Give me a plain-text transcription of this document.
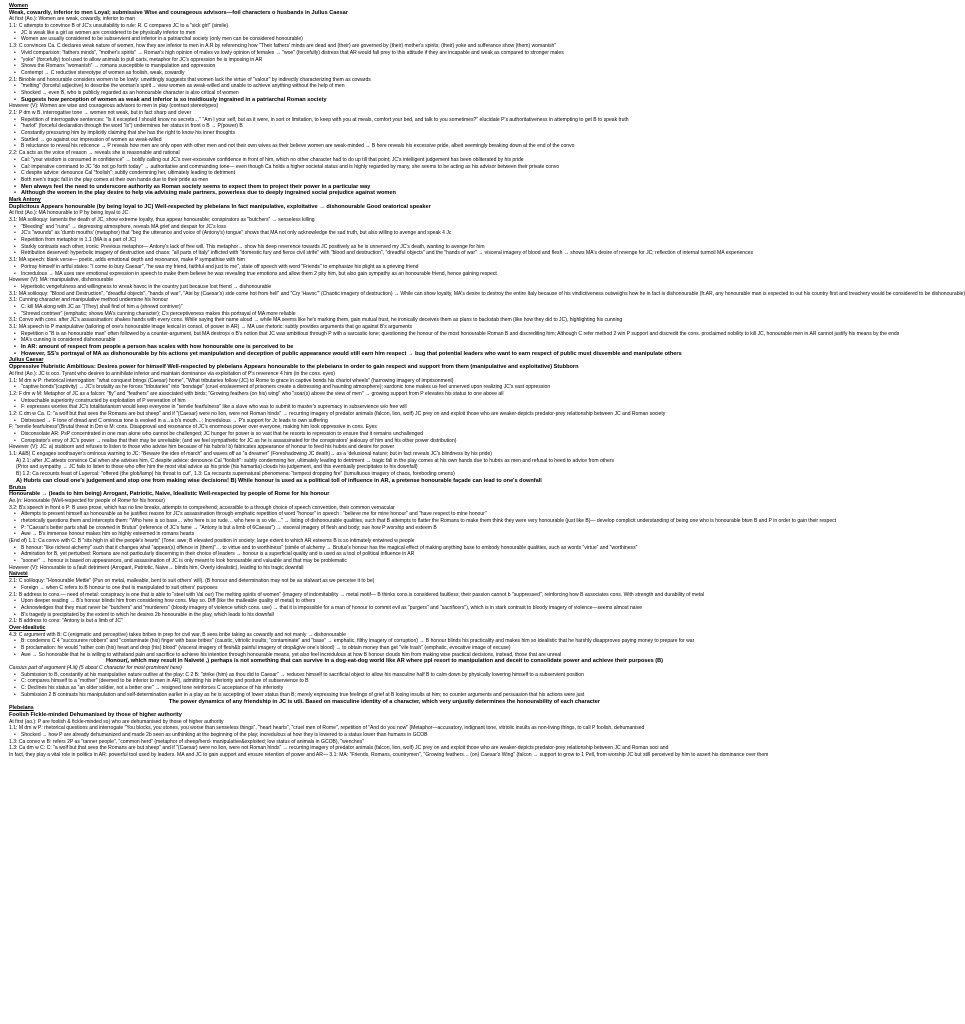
Women
Weak, cowardly, inferior to men Loyal; submissive Wise and courageous advisors—foil characters o husbands in Julius Caesar
At first (Ao.): Women are weak, cowardly, inferior to man
1.1: C attempts to convince B of JC's unsuitability to rule: R. C compares JC to a "sick girl" (simile)
• JC is weak like a girl as women are considered to be physically inferior to men
• Women are usually considered to be subservient and inferior in a patriarchal society (only men can be considered honourable)
1.3: C convinces Ca. C declares weak nature of women, how they are inferior to men in A.R by referencing how "Their fathers' minds are dead and (their) are governed by (their) mother's spirits; (their) yoke and sufferance show (them) womanish"
• Vivid comparison: "fathers minds", "mother's spirits" → Roman's high opinion of males vs lowly opinion of females → "woe" (forcefully) distress that AR would fall prey to this attitude if they are incapable and weak as compared to stronger males
• "yoke" (forcefully) tool used to allow animals to pull carts, metaphor for JC's oppression he is imposing in AR
• Shows the Romans "womanish" → romans susceptible to manipulation and oppression
• Contempt → C reductive stereotype of women as foolish, weak, cowardly
2.1: Binoble and honourable considers women to be lowly: unwittingly suggests that women lack the virtue of "valour" by indirectly characterizing them as cowards
• "melting" (forceful adjective) to describe the woman's spirit→ view women as weak-willed and unable to achieve anything without the help of men
• Shocked → even B, who is publicly regarded as an honourable character is also critical of women
• Suggests how perception of women as weak and inferior is so insidiously ingrained in a patriarchal Roman society
However (V): Women are wise and courageous advisors to men in play (contrast stereotypes)
2.1: P dm w B. interrogative tone → women not weak, but in fact sharp and clever
• Repetition of interrogative sentences: "Is it excepted I should know no secrets…" "Am I your self, but as it were, in sort or limitation, to keep with you at meals, comfort your bed, and talk to you sometimes?" elucidate P's authoritativeness in attempting to get B to speak truth
• "harlot" (forceful declaration through the word "is") undermines her status in front o B → P(power) B
• Constantly pressuring him by implicitly claiming that she has the right to know his inner thoughts
• Startled → go against our impression of women as weak-willed
• B reluctance to reveal his reticence → P reveals how men are only open with other men and not their own wives as their believe women are weak-minded → B here reveals his excessive pride, albeit seemingly breaking down at the end of the convo
2.2: Ca acts as the voice of reason → reveals she is reasonable and rational
• Cal: "your wisdom is consumed in confidence" → boldly calling out JC's over-excessive confidence in front of him, which no other character had to do up till that point; JC's intelligent judgement has been obliterated by his pride
• Cal: imperative command to JC "do not go forth today" → authoritative and commanding tone— even though Ca holds a higher societal status and is highly regarded by many, she seems to be acting as his advisor between their private convo
• C despite advice: denounce Cal "foolish": subtly condemning her, ultimately leading to detriment
• Both men's tragic fall in the play comes at their own hands due to their pride as men
• Men always feel the need to underscore authority as Roman society seems to expect them to project their power in a particular way
• Although the women in the play desire to help via advising male partners, powerless due to deeply ingrained social prejudice against women
Mark Antony
Duplicitous Appears honourable (by being loyal to JC) Well-respected by plebeians In fact manipulative, exploitative → dishonourable Good oratorical speaker
At first (Ao.): MA honourable to P by being loyal to JC
3.1: MA soliloquy: laments the death of JC, show extreme loyalty, thus appear honourable; conspirators as "butchers" → senseless killing
• "Bleeding" and "ruins" → depressing atmosphere, reveals MA grief and despair for JC's loss
• JC's "wounds" as 'dumb mouths' (metaphor) that "beg the utterance and voice of (Antony's) tongue" shows that MA not only acknowledge the sad truth, but also willing to avenge and speak 4 Jc
• Repetition from metaphor in 1.1 (MA is a part of JC)
• Starkly contrasts each other, ironic: Previous metaphor— Antony's lack of free will. This metaphor→ show his deep reverence towards JC positively as he is unnerved my JC's death, wanting to avenge for him
• Retribution deserved: hyperbolic imagery of destruction and chaos: "all parts of Italy" inflicted with "domestic fury and fierce civil strife" with "blood and destruction", "dreadful objects" and the "hands of war" → visceral imagery of blood and flesh → shows MA's desire of revenge for JC; reflection of internal turmoil MA experiences
3.1: MA speech: blank verse— poetic, adds emotional depth and resonance, make P sympathise with him
• Portray himself in artful states: "I come to bury Caesar", "he was my friend, faithful and just to me", state off speech with word "Friends" to emphasize his plight as a grieving friend
• Incredulous → MA uses rare emotional expression in speech to make them believe he was revealing true emotions and allow them 2 pity him, but also gain sympathy as an honourable friend, hence gaining respect
However (V): MA: manipulative, dishonourable
• Hyperbolic vengefulness and willingness to wreak havoc in the country just because lost friend → dishonourable
3.1: MA soliloquy: "Blood and Destruction", "dreadful objects", "hands of war", "Ate by (Caesar's) side come hot from hell" and "Cry 'Havoc'" (Chaotic imagery of destruction) → While can show loyalty, MA's desire to destroy the entire Italy because of his vindictiveness outweighs how he in fact is dishonourable (fr.AR, any honourable man is expected to out his country first and treachery would be considered to be dishonourable)
3.1: Cunning character and manipulative method undermine his honour
• C: kill MA along with JC as "(They) shall find of him a (shrewd contriver)"
• "Shrewd contriver" (emphatic; shows MA's cunning character); C's perceptiveness makes this portrayal of MA more reliable
3.1: Convo with cons. after JC's assassination: shakes hands with every cons. While saying their name aloud → while MA seems like he's marking them, gain mutual trust, he ironically deceives them as plans to backstab them (like how they did to JC), highlighting his cunning
3.1: MA speech to P manipulative (tailoring of one's honourable image lexical in consol. of power in AR) → MA use rhetoric: subtly provides arguments that go against B's arguments
• Repetition o "B is an honourable man" often followed by a counter-argument, but MA destroys o B's notion that JC was ambitious through P with a sarcastic tone; questioning the honour of the most honourable Roman B and discrediting him; Although C refer method 2 win P support and discredit the cons. proclaimed nobility to kill JC, honourable men in AR cannot justify his means by the ends
• MA's cunning is considered dishonourable
• In AR: amount of respect from people a person has scales with how honourable one is perceived to be
• However, SS's portrayal of MA as dishonourable by his actions yet manipulation and deception of public appearance would still earn him respect → bug that potential leaders who want to earn respect of public must dissemble and manipulate others
Julius Caesar
Oppressive Hubristic Ambitious: Desires power for himself Well-respected by plebeians Appears honourable to the plebeians in order to gain respect and support from them (manipulative and exploitative) Stubborn
At first (Ao.): JC is oco. Tyrant who desires to annihilate inferior and maintain dominance via exploitation of P's reverence 4 him (in the cons. eyes)
1.1: M dm w P: rhetorical interrogation: "what conquest brings (Caesar) home", "What tributaries follow (JC) to Rome to grace in captive bonds his chariot wheels" (harrowing imagery of imprisonment)
• "captive bonds"(captivity) → JC's brutality as he forces "tributaries" into "bondage" (cruel enslavement of prisoners create a distressing and haunting atmosphere); sardonic tone makes us feel unnerved upon realizing JC's vast oppression
1.2: F dm w M: Metaphor of JC as a falcon: "fly" and "feathers" are associated with birds; "Growing feathers (on his) wing" who "soar(s) above the view of men" → growing support from P elevates his status to one above all
• Untouchable superiority constructed by exploitation of P veneration of him
• F: expresses worries that JC's totalitarianism would keep everyone in "servile fearfulness" like a slave who was to submit to master's supremacy in subservience w/o free will
1.2: C dm w Ca. C: "a wolf but that sees the Romans are but sheep" and if "(Caesar) were no lion, were not Roman hinds" → recurring imagery of predator animals (falcon, lion, wolf) JC prey on and exploit those who are weaker-depicts predator-prey relationship between JC and Roman society
• Distressed → F tone of dread and C ominous tone is evoked in a→a b's mouth…; Incredulous → P's support for Jc leads to own suffering
F: "servile fearfulness"(Brutal threat in Dm w M: cons. Disapproval and resonance of JC's enormous power over everyone, making him look oppressive in cons. Eyes
• Disconsolate AR: PsP concentrated in one man alone who cannot be challenged; JC hunger for power is so vast that he resorts to repression to ensure that it remains unchallenged
• Conspirator's envy of JC's power → realise that their may be unreliable; (and we feel sympathetic for JC as he is assassinated for the conspirators' jealousy of him and his other power distribution)
However (V): JC: a) stubborn and refuses to listen to those who advise him because of his hubris! b) fabricates appearance of honour to feed his hubris and desire for power
1.1: A&B) C engages soothsayer's ominous warning to JC: "Beware the ides of march" and waves off as "a dreamer" (Foreshadowing JC death)→ as a 'delusional nature; but in fact reveals JC's blindness by his pride)
A) 2.1: after JC attests convince Cal when she advises him, C despite advice: denounce Cal "foolish": subtly condemning her, ultimately leading to detriment → tragic fall in the play comes at his own hands due to hubris as men and refusal to heed to advice from others
(Prior and sympathy → JC fails to listen to those who offer him the most vital advice as his pride (his hamartia) clouds his judgement, and this eventually precipitates to his downfall)
B) 1.2: Ca recounts feast of Lupercal: "offered (the glob/lamp) his throat to cut", 1.3: Ca recounts supernatural phenomena: "tempest dropping fire" (tumultuous imagery of chaos, foreboding omens)
A) Hubris can cloud one's judgement and stop one from making wise decisions! B) While honour is used as a political toll of influence in AR, a pretense honourable façade can lead to one's downfall
Brutus
Honourable → (leads to him being) Arrogant, Patriotic, Naive, Idealistic Well-respected by people of Rome for his honour
Ao.(n: Honourable (Well-respected for people of Rome for his honour)
3.2: B's speech in front o P: B uses prose, which has no line breaks, attempts to comprehend; accessible to a through choice of speech convention, their common vernacular
• Attempts to present himself as honourable as he justifies reason for JC's assassination through emphatic repetition of word "honour" in speech : "believe me for mine honour" and "have respect to mine honour"
• rhetorically questions them and intercepts them: "Who here is so base… who here is so rude… who here is so vile…" → listing of dishonourable qualities, such that B attempts to flatter the Romans to make them think they were very honourable (just like B)— develop complicit understanding of being one who is honourable btwn B and P in order to gain their respect
• P: "Caesar's better parts shall be crowned in Brutus" (reference of JC's fame → "Antony is but a limb of 6Caesar") → visceral imagery of flesh and body; sue how P worship and esteem B
• Awe → B's immense honour makes him so highly esteemed in romans hearts
(End of) 1.1: Ca convo with C: B "sits high in all the people's hearts" (Tone: awe; B elevated position in society; large extent to which AR esteems B is so intimately entwined w people
• B honour: "like richest alchemy" such that it changes what "appear(s) offence in (them)"… to virtue and to worthiness" (simile of alchemy → Brutus's honour has the magical effect of making anything base to embody honourable qualities, such as words "virtue" and "worthiness"
• Admiration for B, yet perturbed: Romans are not particularly discerning in their choice of leaders → honour is a superficial quality and is used as a tool of political influence in AR
• "sooner" → honour is based on appearances, and assassination of JC is only meant to look honourable and valuable and that may be problematic
However (V): Honourable to a fault detriment (Arrogant, Patriotic, Naive→ blinds him, Overly idealistic), leading to his tragic downfall
Naïveté
2.1: C soliloquy: "Honourable Mettle" (Pun on metal, malleable, bent to suit others' will). (B honour and determination may not be as stalwart as we perceive it to be)
• Foreign → when C refers to B honour to one that is manipulated to suit others' purposes
2.1: B address to cons.— need of metal: conspiracy is one that is able to "steel with Val our) The melting spirits of women" (imagery of indomitability → metal motif— B thinks cons.is considered faultless; their passion cannot b "suppressed", reinforcing how B associates cons. With strength and durability of metal
• Upon deeper reading → B's honour blinds him from considering how cons. May so. Diff (like the malleable quality of metal) to others
• Acknowledges that they must never be "butchers" and "murderers" (bloody imagery of violence which cons. use) → that it is impossible for a man of honour to commit evil as "purgers" and "sacrificers"), which is in stark contrast to bloody imagery of violence—seems almost naive
• B's tragedy is precipitated by the extent to which he desires 2b honourable in the play, which leads to his downfall
2.1: B address to cons: "Antony is but a limb of JC"
Over-idealistic
4.3: C argument with B: C (enigmatic and perceptive) takes bribes in prep for civil war, B sees bribe taking as cowardly and not manly → dishonourable
• B: condemns C 4 "succourere robbers" and "contaminate (his) finger with base bribes" (caustic, vitriolic insults; "contaminate" and "base" → emphatic, filthy imagery of corruption) → B honour blinds his practicality and makes him so idealistic that he harshly disapproves paying money to prepare for war
• B proclamation: he would "rather coin (his) heart and drop (his) blood" (visceral imagery of flesh&b painful imagery of drop&give one's blood) → to obtain money than get "vile trash" (emphatic, evocative image of excuse)
• Awe → So honorable that he is willing to withstand pain and sacrifice to achieve his intention through honourable means, yet also feel incredulous at how B honour clouds him from making wise practical decisions, instead, those that are unreal
Honour(, which may result in Naïveté ,) perhaps is not something that can survive in a dog-eat-dog world like AR where ppl resort to manipulation and deceit to consolidate power and achieve their purposes (B)
Cassius part of argument (4.iii) (5 about C character for most prominent here)
• Submission to B, constantly at his manipulative nature outlive at the play: C 2 B: "strike (him) as thou did to Caesar" → reduces himself to sacrificial object to allow his masculine half B to calm down by physically lowering himself to a subservient position
• C: compares himself to a "mother" (deemed to be inferior to men in AR), admitting his inferiority and posture of subservience to B
• C: Declines his status as "an older soldier, not a better one" → resigned tone reinforces C acceptance of his inferiority
• Submission 2 B contrasts his manipulation and self-determination earlier in a play as he is accepting of lower status than B; merely expressing true feelings of grief at B losing insults at him; no counter arguments and persuasion that his actions were just
The power dynamics of any friendship in JC is utli. Based on masculine identity of a character, which very unjustly determines the honourability of each character
Plebeians
Foolish Fickle-minded Dehumanised by those of higher authority
At first (ao.): P are foolish & fickle-minded so) who are dehumanised by those of higher authority
1.1: M dm w P: rhetorical questions and interrogate "You blocks, you stones, you worse than senseless things", "heart hearts", "cruel men of Rome", repetition of "And do you now" (Metaphor—accusatory, indignant tone, vitriolic insults as non-living things, to call P foolish, dehumanised
• Shocked → how P are already dehumanized and made 2b seen as unthinking at the beginning of the play; incredulous at how they is lowered to a status lower than humans in GCOB
1.3: Ca convo w B: refers 2P as "tanner people", "common herd" (metaphor of sheep/herd- manipulative&exploited; low status of animals in GCOB), "wenches"
1.3: Ca dm w C: C: "a wolf but that sees the Romans are but sheep" and if "(Caesar) were no lion, were not Roman hinds" → recurring imagery of predator animals (falcon, lion, wolf) JC prey on and exploit those who are weaker-depicts predator-prey relationship between JC and Roman soci and
In fact, they play a vital role in politics in AR: powerful tool used by leaders. MA and JC to gain support and ensure retention of power and AR— 3.1: MA: "Friends, Romans, countrymen", "Growing feathers… (on) Caesar's Wing" (falcon → support to grow to 1 Pell, from worship JC but still perceived by him to assert his dominance over them
